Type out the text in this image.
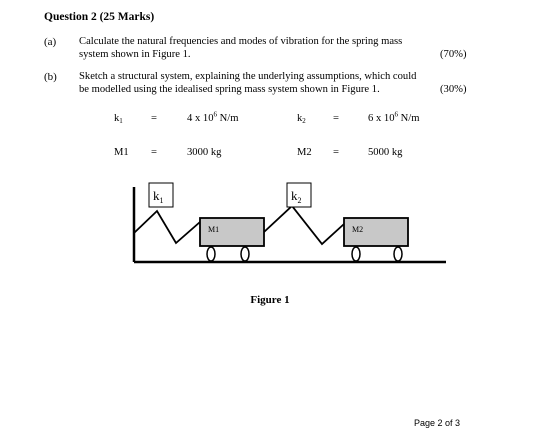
Question 2 (25 Marks)
(a) Calculate the natural frequencies and modes of vibration for the spring mass
system shown in Figure 1.	(70%)
(b) Sketch a structural system, explaining the underlying assumptions, which could
be modelled using the idealised spring mass system shown in Figure 1.	(30%)
k1	=	4 x $10^6$ N/m	k2	=	6 x $10^6$ N/m
M1 =	3000 kg	M2 =	5000 kg
$k_1$
M1
$k_2$
M2
Figure 1
Page 2 of 3
